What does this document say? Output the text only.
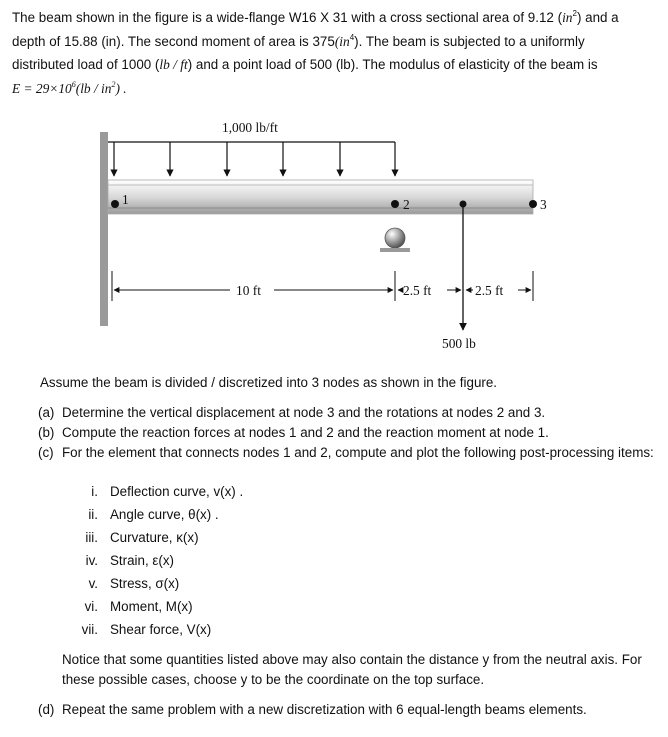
The beam shown in the figure is a wide-flange W16 X 31 with a cross sectional area of 9.12 $(in^2)$ and a
depth of 15.88 (in). The second moment of area is $375(in^4)$. The beam is subjected to a uniformly
distributed load of 1000 (lb / ft) and a point load of 500 (lb). The modulus of elasticity of the beam is
$E = 29\times 10^6(lb / in^2)$ .
1,000 lb/ft
1	2	3
500 lb
10 ft	2.5 ft	2.5 ft
Assume the beam is divided / discretized into 3 nodes as shown in the figure.
(a) Determine the vertical displacement at node 3 and the rotations at nodes 2 and 3.
(b) Compute the reaction forces at nodes 1 and 2 and the reaction moment at node 1.
(c) For the element that connects nodes 1 and 2, compute and plot the following post-processing items:
i. Deflection curve, v(x) .
ii. Angle curve, θ(x) .
iii. Curvature, κ(x)
iv. Strain, ε(x)
v. Stress, σ(x)
vi. Moment, M(x)
vii. Shear force, V(x)
Notice that some quantities listed above may also contain the distance y from the neutral axis. For these possible cases, choose y to be the coordinate on the top surface.
(d) Repeat the same problem with a new discretization with 6 equal-length beams elements.
